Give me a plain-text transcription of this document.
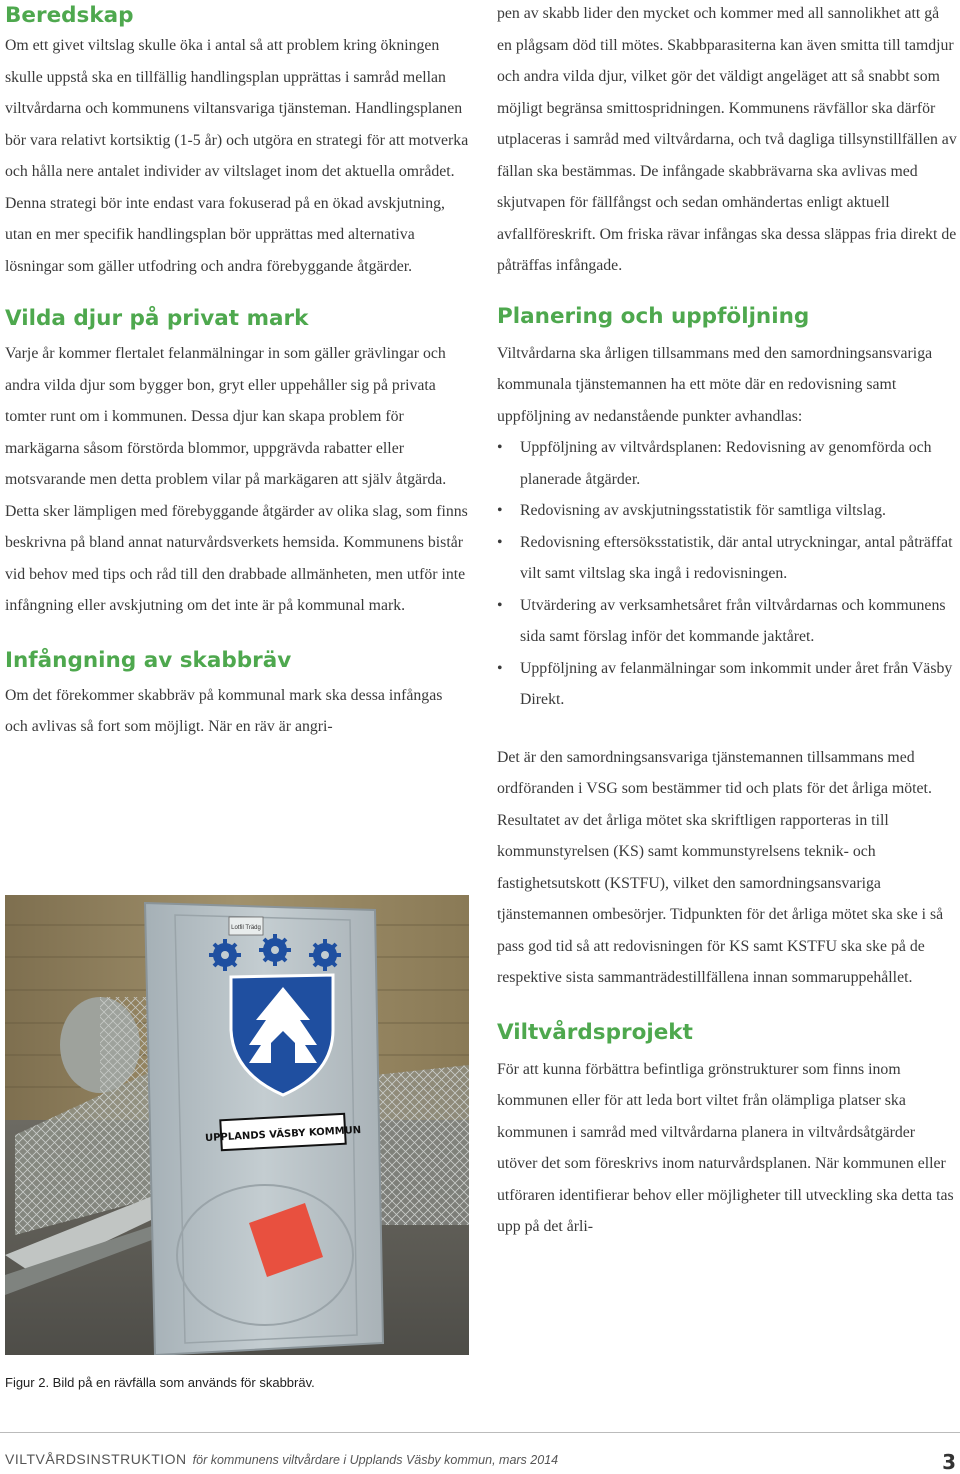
Beredskap

Om ett givet viltslag skulle öka i antal så att problem kring ökningen skulle uppstå ska en tillfällig handlingsplan upprättas i samråd mellan viltvårdarna och kommunens viltansvariga tjänsteman. Handlingsplanen bör vara relativt kortsiktig (1-5 år) och utgöra en strategi för att motverka och hålla nere antalet individer av viltslaget inom det aktuella området. Denna strategi bör inte endast vara fokuserad på en ökad avskjutning, utan en mer specifik handlingsplan bör upprättas med alternativa lösningar som gäller utfodring och andra förebyggande åtgärder.

Vilda djur på privat mark

Varje år kommer flertalet felanmälningar in som gäller grävlingar och andra vilda djur som bygger bon, gryt eller uppehåller sig på privata tomter runt om i kommunen. Dessa djur kan skapa problem för markägarna såsom förstörda blommor, uppgrävda rabatter eller motsvarande men detta problem vilar på markägaren att själv åtgärda. Detta sker lämpligen med förebyggande åtgärder av olika slag, som finns beskrivna på bland annat naturvårdsverkets hemsida. Kommunens bistår vid behov med tips och råd till den drabbade allmänheten, men utför inte infångning eller avskjutning om det inte är på kommunal mark.

Infångning av skabbräv

Om det förekommer skabbräv på kommunal mark ska dessa infångas och avlivas så fort som möjligt. När en räv är angri-

Lotfil Trädg
UPPLANDS VÄSBY KOMMUN
Figur 2. Bild på en rävfälla som används för skabbräv.

pen av skabb lider den mycket och kommer med all sannolikhet att gå en plågsam död till mötes. Skabbparasiterna kan även smitta till tamdjur och andra vilda djur, vilket gör det väldigt angeläget att så snabbt som möjligt begränsa smittospridningen. Kommunens rävfällor ska därför utplaceras i samråd med viltvårdarna, och två dagliga tillsynstillfällen av fällan ska bestämmas. De infångade skabbrävarna ska avlivas med skjutvapen för fällfångst och sedan omhändertas enligt aktuell avfallföreskrift. Om friska rävar infångas ska dessa släppas fria direkt de påträffas infångade.

Planering och uppföljning

Viltvårdarna ska årligen tillsammans med den samordningsansvariga kommunala tjänstemannen ha ett möte där en redovisning samt uppföljning av nedanstående punkter avhandlas:

• Uppföljning av viltvårdsplanen: Redovisning av genomförda och planerade åtgärder.
• Redovisning av avskjutningsstatistik för samtliga viltslag.
• Redovisning eftersöksstatistik, där antal utryckningar, antal påträffat vilt samt viltslag ska ingå i redovisningen.
• Utvärdering av verksamhetsåret från viltvårdarnas och kommunens sida samt förslag inför det kommande jaktåret.
• Uppföljning av felanmälningar som inkommit under året från Väsby Direkt.

Det är den samordningsansvariga tjänstemannen tillsammans med ordföranden i VSG som bestämmer tid och plats för det årliga mötet. Resultatet av det årliga mötet ska skriftligen rapporteras in till kommunstyrelsen (KS) samt kommunstyrelsens teknik- och fastighetsutskott (KSTFU), vilket den samordningsansvariga tjänstemannen ombesörjer. Tidpunkten för det årliga mötet ska ske i så pass god tid så att redovisningen för KS samt KSTFU ska ske på de respektive sista sammanträdestillfällena innan sommaruppehållet.

Viltvårdsprojekt

För att kunna förbättra befintliga grönstrukturer som finns inom kommunen eller för att leda bort viltet från olämpliga platser ska kommunen i samråd med viltvårdarna planera in viltvårdsåtgärder utöver det som föreskrivs inom naturvårdsplanen. När kommunen eller utföraren identifierar behov eller möjligheter till utveckling ska detta tas upp på det årli-

VILTVÅRDSINSTRUKTION för kommunens viltvårdare i Upplands Väsby kommun, mars 2014	3
